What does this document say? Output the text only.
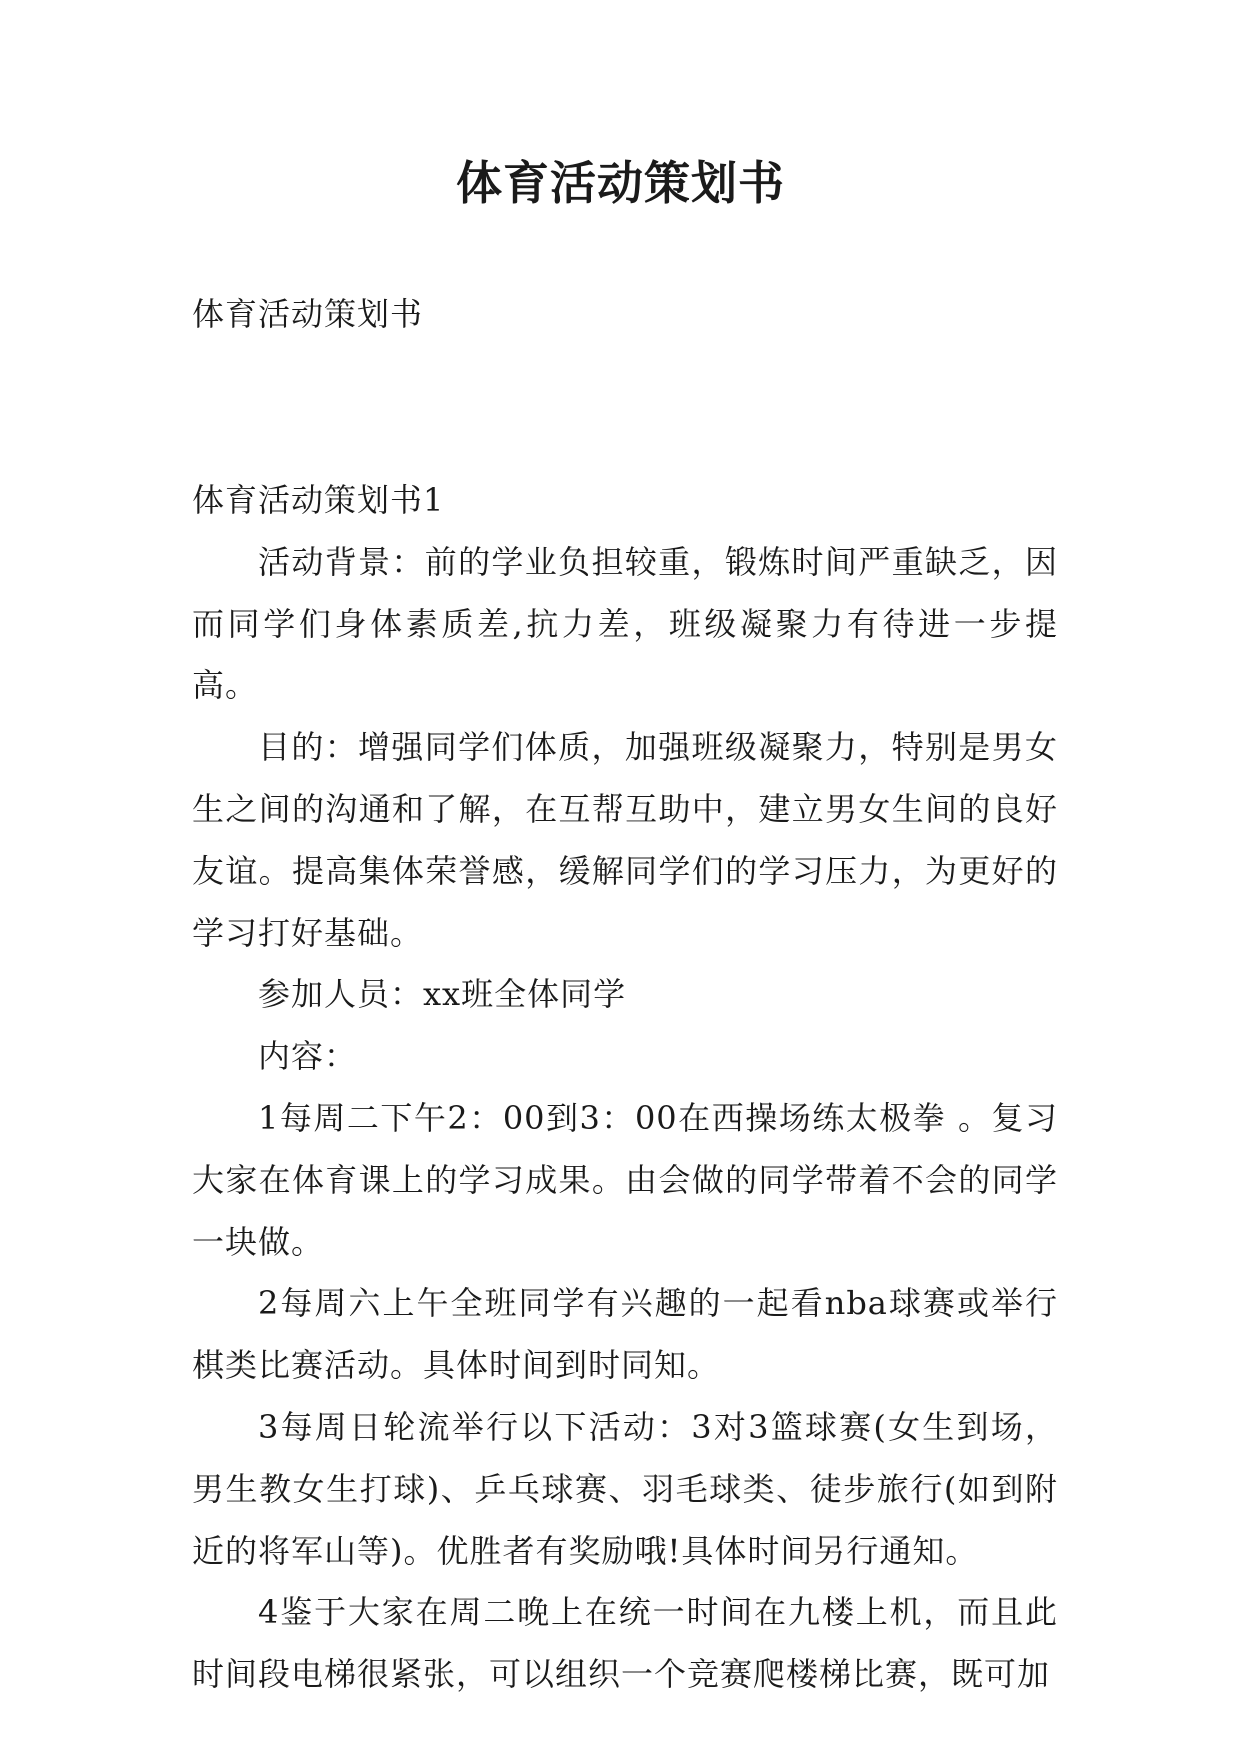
体育活动策划书
体育活动策划书

体育活动策划书1

活动背景：前的学业负担较重，锻炼时间严重缺乏，因而同学们身体素质差,抗力差，班级凝聚力有待进一步提高。

目的：增强同学们体质，加强班级凝聚力，特别是男女生之间的沟通和了解，在互帮互助中，建立男女生间的良好友谊。提高集体荣誉感，缓解同学们的学习压力，为更好的学习打好基础。

参加人员：xx班全体同学

内容：

1每周二下午2：00到3：00在西操场练太极拳 。复习大家在体育课上的学习成果。由会做的同学带着不会的同学一块做。

2每周六上午全班同学有兴趣的一起看nba球赛或举行棋类比赛活动。具体时间到时同知。

3每周日轮流举行以下活动：3对3篮球赛(女生到场，男生教女生打球)、乒乓球赛、羽毛球类、徒步旅行(如到附近的将军山等)。优胜者有奖励哦!具体时间另行通知。

4鉴于大家在周二晚上在统一时间在九楼上机，而且此时间段电梯很紧张，可以组织一个竞赛爬楼梯比赛，既可加
